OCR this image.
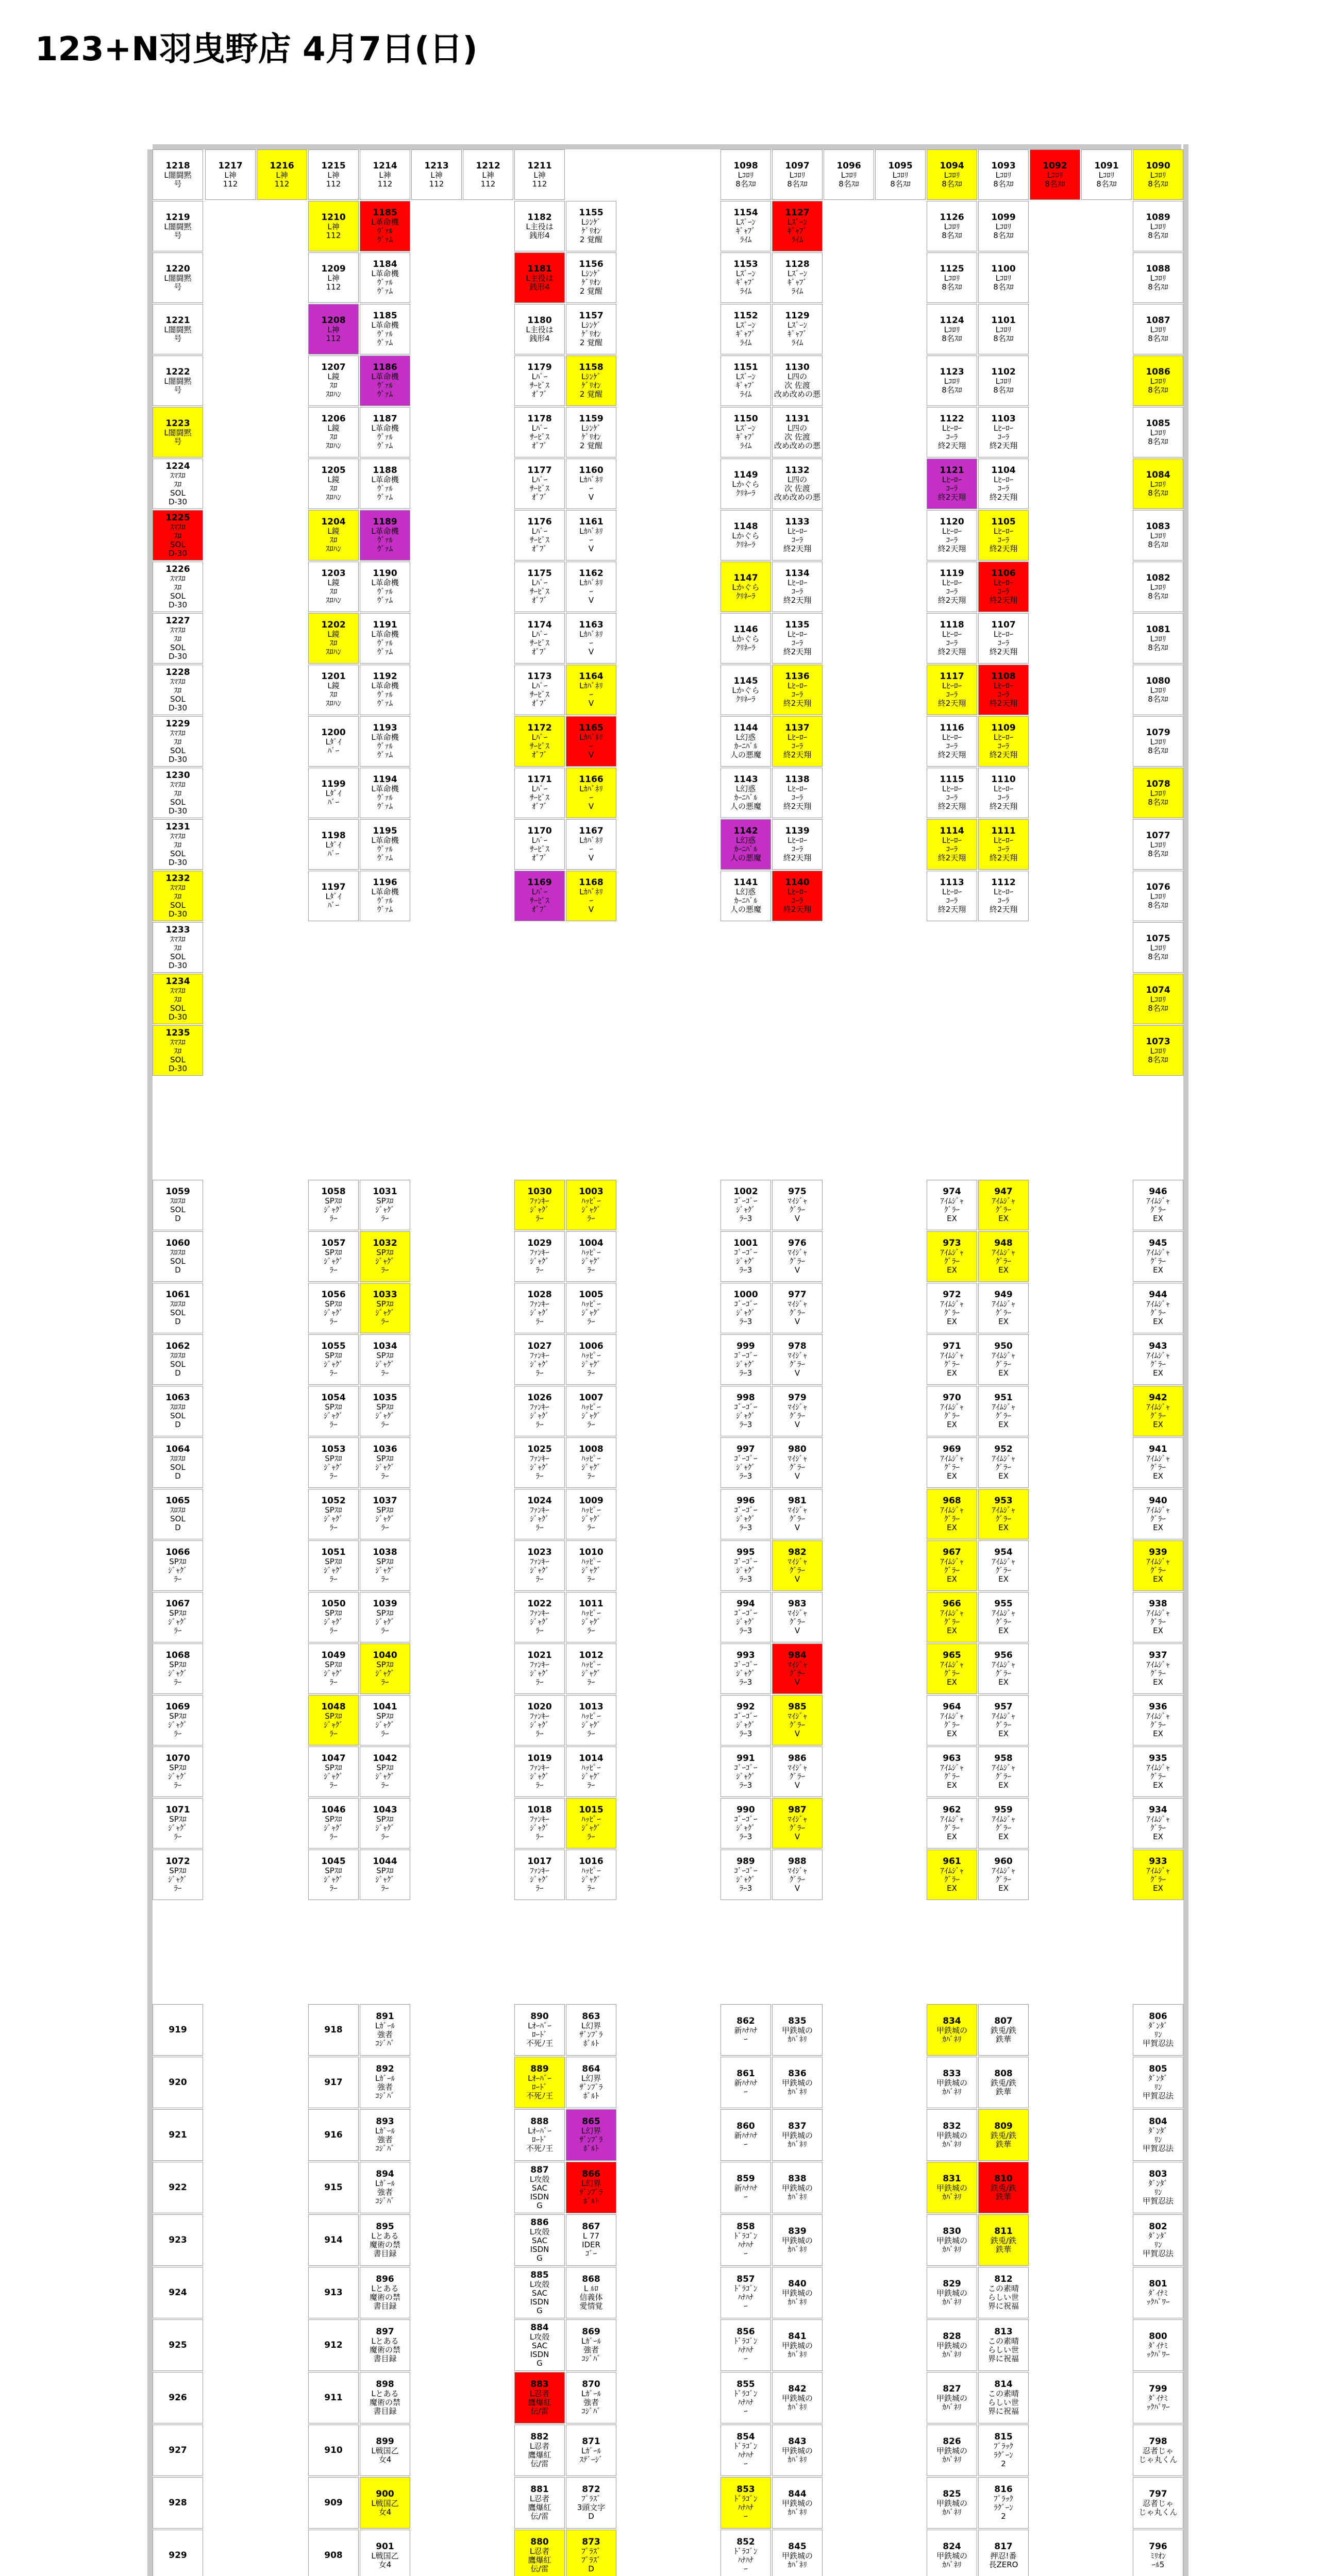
123+N羽曳野店 4月7日(日)
1218
L闇闘黙
号
1219
L闇闘黙
号
1220
L闇闘黙
号
1221
L闇闘黙
号
1222
L闇闘黙
号
1223
L闇闘黙
号
1224
ｽﾏｽﾛ
ｽﾛ
SOL
D-30
1225
ｽﾏｽﾛ
ｽﾛ
SOL
D-30
1226
ｽﾏｽﾛ
ｽﾛ
SOL
D-30
1227
ｽﾏｽﾛ
ｽﾛ
SOL
D-30
1228
ｽﾏｽﾛ
ｽﾛ
SOL
D-30
1229
ｽﾏｽﾛ
ｽﾛ
SOL
D-30
1230
ｽﾏｽﾛ
ｽﾛ
SOL
D-30
1231
ｽﾏｽﾛ
ｽﾛ
SOL
D-30
1232
ｽﾏｽﾛ
ｽﾛ
SOL
D-30
1233
ｽﾏｽﾛ
ｽﾛ
SOL
D-30
1234
ｽﾏｽﾛ
ｽﾛ
SOL
D-30
1235
ｽﾏｽﾛ
ｽﾛ
SOL
D-30
1217
L神
112
1216
L神
112
1215
L神
112
1210
L神
112
1209
L神
112
1208
L神
112
1207
L鏡
ｽﾛ
ｽﾛﾊﾝ
1206
L鏡
ｽﾛ
ｽﾛﾊﾝ
1205
L鏡
ｽﾛ
ｽﾛﾊﾝ
1204
L鏡
ｽﾛ
ｽﾛﾊﾝ
1203
L鏡
ｽﾛ
ｽﾛﾊﾝ
1202
L鏡
ｽﾛ
ｽﾛﾊﾝ
1201
L鏡
ｽﾛ
ｽﾛﾊﾝ
1200
Lﾀﾞｲ
ﾊﾞｰ
1199
Lﾀﾞｲ
ﾊﾞｰ
1198
Lﾀﾞｲ
ﾊﾞｰ
1197
Lﾀﾞｲ
ﾊﾞｰ
1214
L神
112
1185
L革命機
ｳﾞｧﾙ
ｳﾞｧﾑ
1184
L革命機
ｳﾞｧﾙ
ｳﾞｧﾑ
1185
L革命機
ｳﾞｧﾙ
ｳﾞｧﾑ
1186
L革命機
ｳﾞｧﾙ
ｳﾞｧﾑ
1187
L革命機
ｳﾞｧﾙ
ｳﾞｧﾑ
1188
L革命機
ｳﾞｧﾙ
ｳﾞｧﾑ
1189
L革命機
ｳﾞｧﾙ
ｳﾞｧﾑ
1190
L革命機
ｳﾞｧﾙ
ｳﾞｧﾑ
1191
L革命機
ｳﾞｧﾙ
ｳﾞｧﾑ
1192
L革命機
ｳﾞｧﾙ
ｳﾞｧﾑ
1193
L革命機
ｳﾞｧﾙ
ｳﾞｧﾑ
1194
L革命機
ｳﾞｧﾙ
ｳﾞｧﾑ
1195
L革命機
ｳﾞｧﾙ
ｳﾞｧﾑ
1196
L革命機
ｳﾞｧﾙ
ｳﾞｧﾑ
1213
L神
112
1212
L神
112
1211
L神
112
1182
L主役は
銭形4
1181
L主役は
銭形4
1180
L主役は
銭形4
1179
Lﾊﾞｰ
ｻｰﾋﾞｽ
ｵﾞﾌﾞ
1178
Lﾊﾞｰ
ｻｰﾋﾞｽ
ｵﾞﾌﾞ
1177
Lﾊﾞｰ
ｻｰﾋﾞｽ
ｵﾞﾌﾞ
1176
Lﾊﾞｰ
ｻｰﾋﾞｽ
ｵﾞﾌﾞ
1175
Lﾊﾞｰ
ｻｰﾋﾞｽ
ｵﾞﾌﾞ
1174
Lﾊﾞｰ
ｻｰﾋﾞｽ
ｵﾞﾌﾞ
1173
Lﾊﾞｰ
ｻｰﾋﾞｽ
ｵﾞﾌﾞ
1172
Lﾊﾞｰ
ｻｰﾋﾞｽ
ｵﾞﾌﾞ
1171
Lﾊﾞｰ
ｻｰﾋﾞｽ
ｵﾞﾌﾞ
1170
Lﾊﾞｰ
ｻｰﾋﾞｽ
ｵﾞﾌﾞ
1169
Lﾊﾞｰ
ｻｰﾋﾞｽ
ｵﾞﾌﾞ
1155
Lｼﾝｹﾞ
ｹﾞﾘｵﾝ
2 覚醒
1156
Lｼﾝｹﾞ
ｹﾞﾘｵﾝ
2 覚醒
1157
Lｼﾝｹﾞ
ｹﾞﾘｵﾝ
2 覚醒
1158
Lｼﾝｹﾞ
ｹﾞﾘｵﾝ
2 覚醒
1159
Lｼﾝｹﾞ
ｹﾞﾘｵﾝ
2 覚醒
1160
Lｶﾊﾞﾈﾘ
ｰ
V
1161
Lｶﾊﾞﾈﾘ
ｰ
V
1162
Lｶﾊﾞﾈﾘ
ｰ
V
1163
Lｶﾊﾞﾈﾘ
ｰ
V
1164
Lｶﾊﾞﾈﾘ
ｰ
V
1165
Lｶﾊﾞﾈﾘ
ｰ
V
1166
Lｶﾊﾞﾈﾘ
ｰ
V
1167
Lｶﾊﾞﾈﾘ
ｰ
V
1168
Lｶﾊﾞﾈﾘ
ｰ
V
1098
Lｺﾛﾘ
8名ｽﾛ
1154
Lｽﾞｰﾝ
ｷﾞｬﾌﾞ
ﾗｲﾑ
1153
Lｽﾞｰﾝ
ｷﾞｬﾌﾞ
ﾗｲﾑ
1152
Lｽﾞｰﾝ
ｷﾞｬﾌﾞ
ﾗｲﾑ
1151
Lｽﾞｰﾝ
ｷﾞｬﾌﾞ
ﾗｲﾑ
1150
Lｽﾞｰﾝ
ｷﾞｬﾌﾞ
ﾗｲﾑ
1149
Lかぐら
ｸﾘﾈｰﾗ
1148
Lかぐら
ｸﾘﾈｰﾗ
1147
Lかぐら
ｸﾘﾈｰﾗ
1146
Lかぐら
ｸﾘﾈｰﾗ
1145
Lかぐら
ｸﾘﾈｰﾗ
1144
L幻惑
ｶｰﾆﾊﾞﾙ
人の悪魔
1143
L幻惑
ｶｰﾆﾊﾞﾙ
人の悪魔
1142
L幻惑
ｶｰﾆﾊﾞﾙ
人の悪魔
1141
L幻惑
ｶｰﾆﾊﾞﾙ
人の悪魔
1097
Lｺﾛﾘ
8名ｽﾛ
1127
Lｽﾞｰﾝ
ｷﾞｬﾌﾞ
ﾗｲﾑ
1128
Lｽﾞｰﾝ
ｷﾞｬﾌﾞ
ﾗｲﾑ
1129
Lｽﾞｰﾝ
ｷﾞｬﾌﾞ
ﾗｲﾑ
1130
L四の
次 佐渡
改め改めの悪
1131
L四の
次 佐渡
改め改めの悪
1132
L四の
次 佐渡
改め改めの悪
1133
Lﾋｰﾛｰ
ｺｰﾗ
終2天翔
1134
Lﾋｰﾛｰ
ｺｰﾗ
終2天翔
1135
Lﾋｰﾛｰ
ｺｰﾗ
終2天翔
1136
Lﾋｰﾛｰ
ｺｰﾗ
終2天翔
1137
Lﾋｰﾛｰ
ｺｰﾗ
終2天翔
1138
Lﾋｰﾛｰ
ｺｰﾗ
終2天翔
1139
Lﾋｰﾛｰ
ｺｰﾗ
終2天翔
1140
Lﾋｰﾛｰ
ｺｰﾗ
終2天翔
1096
Lｺﾛﾘ
8名ｽﾛ
1095
Lｺﾛﾘ
8名ｽﾛ
1094
Lｺﾛﾘ
8名ｽﾛ
1126
Lｺﾛﾘ
8名ｽﾛ
1125
Lｺﾛﾘ
8名ｽﾛ
1124
Lｺﾛﾘ
8名ｽﾛ
1123
Lｺﾛﾘ
8名ｽﾛ
1122
Lﾋｰﾛｰ
ｺｰﾗ
終2天翔
1121
Lﾋｰﾛｰ
ｺｰﾗ
終2天翔
1120
Lﾋｰﾛｰ
ｺｰﾗ
終2天翔
1119
Lﾋｰﾛｰ
ｺｰﾗ
終2天翔
1118
Lﾋｰﾛｰ
ｺｰﾗ
終2天翔
1117
Lﾋｰﾛｰ
ｺｰﾗ
終2天翔
1116
Lﾋｰﾛｰ
ｺｰﾗ
終2天翔
1115
Lﾋｰﾛｰ
ｺｰﾗ
終2天翔
1114
Lﾋｰﾛｰ
ｺｰﾗ
終2天翔
1113
Lﾋｰﾛｰ
ｺｰﾗ
終2天翔
1093
Lｺﾛﾘ
8名ｽﾛ
1099
Lｺﾛﾘ
8名ｽﾛ
1100
Lｺﾛﾘ
8名ｽﾛ
1101
Lｺﾛﾘ
8名ｽﾛ
1102
Lｺﾛﾘ
8名ｽﾛ
1103
Lﾋｰﾛｰ
ｺｰﾗ
終2天翔
1104
Lﾋｰﾛｰ
ｺｰﾗ
終2天翔
1105
Lﾋｰﾛｰ
ｺｰﾗ
終2天翔
1106
Lﾋｰﾛｰ
ｺｰﾗ
終2天翔
1107
Lﾋｰﾛｰ
ｺｰﾗ
終2天翔
1108
Lﾋｰﾛｰ
ｺｰﾗ
終2天翔
1109
Lﾋｰﾛｰ
ｺｰﾗ
終2天翔
1110
Lﾋｰﾛｰ
ｺｰﾗ
終2天翔
1111
Lﾋｰﾛｰ
ｺｰﾗ
終2天翔
1112
Lﾋｰﾛｰ
ｺｰﾗ
終2天翔
1092
Lｺﾛﾘ
8名ｽﾛ
1091
Lｺﾛﾘ
8名ｽﾛ
1090
Lｺﾛﾘ
8名ｽﾛ
1089
Lｺﾛﾘ
8名ｽﾛ
1088
Lｺﾛﾘ
8名ｽﾛ
1087
Lｺﾛﾘ
8名ｽﾛ
1086
Lｺﾛﾘ
8名ｽﾛ
1085
Lｺﾛﾘ
8名ｽﾛ
1084
Lｺﾛﾘ
8名ｽﾛ
1083
Lｺﾛﾘ
8名ｽﾛ
1082
Lｺﾛﾘ
8名ｽﾛ
1081
Lｺﾛﾘ
8名ｽﾛ
1080
Lｺﾛﾘ
8名ｽﾛ
1079
Lｺﾛﾘ
8名ｽﾛ
1078
Lｺﾛﾘ
8名ｽﾛ
1077
Lｺﾛﾘ
8名ｽﾛ
1076
Lｺﾛﾘ
8名ｽﾛ
1075
Lｺﾛﾘ
8名ｽﾛ
1074
Lｺﾛﾘ
8名ｽﾛ
1073
Lｺﾛﾘ
8名ｽﾛ
1059
ｽﾛｽﾛ
SOL
D
1060
ｽﾛｽﾛ
SOL
D
1061
ｽﾛｽﾛ
SOL
D
1062
ｽﾛｽﾛ
SOL
D
1063
ｽﾛｽﾛ
SOL
D
1064
ｽﾛｽﾛ
SOL
D
1065
ｽﾛｽﾛ
SOL
D
1066
SPｽﾛ
ｼﾞｬｸﾞ
ﾗｰ
1067
SPｽﾛ
ｼﾞｬｸﾞ
ﾗｰ
1068
SPｽﾛ
ｼﾞｬｸﾞ
ﾗｰ
1069
SPｽﾛ
ｼﾞｬｸﾞ
ﾗｰ
1070
SPｽﾛ
ｼﾞｬｸﾞ
ﾗｰ
1071
SPｽﾛ
ｼﾞｬｸﾞ
ﾗｰ
1072
SPｽﾛ
ｼﾞｬｸﾞ
ﾗｰ
1058
SPｽﾛ
ｼﾞｬｸﾞ
ﾗｰ
1057
SPｽﾛ
ｼﾞｬｸﾞ
ﾗｰ
1056
SPｽﾛ
ｼﾞｬｸﾞ
ﾗｰ
1055
SPｽﾛ
ｼﾞｬｸﾞ
ﾗｰ
1054
SPｽﾛ
ｼﾞｬｸﾞ
ﾗｰ
1053
SPｽﾛ
ｼﾞｬｸﾞ
ﾗｰ
1052
SPｽﾛ
ｼﾞｬｸﾞ
ﾗｰ
1051
SPｽﾛ
ｼﾞｬｸﾞ
ﾗｰ
1050
SPｽﾛ
ｼﾞｬｸﾞ
ﾗｰ
1049
SPｽﾛ
ｼﾞｬｸﾞ
ﾗｰ
1048
SPｽﾛ
ｼﾞｬｸﾞ
ﾗｰ
1047
SPｽﾛ
ｼﾞｬｸﾞ
ﾗｰ
1046
SPｽﾛ
ｼﾞｬｸﾞ
ﾗｰ
1045
SPｽﾛ
ｼﾞｬｸﾞ
ﾗｰ
1031
SPｽﾛ
ｼﾞｬｸﾞ
ﾗｰ
1032
SPｽﾛ
ｼﾞｬｸﾞ
ﾗｰ
1033
SPｽﾛ
ｼﾞｬｸﾞ
ﾗｰ
1034
SPｽﾛ
ｼﾞｬｸﾞ
ﾗｰ
1035
SPｽﾛ
ｼﾞｬｸﾞ
ﾗｰ
1036
SPｽﾛ
ｼﾞｬｸﾞ
ﾗｰ
1037
SPｽﾛ
ｼﾞｬｸﾞ
ﾗｰ
1038
SPｽﾛ
ｼﾞｬｸﾞ
ﾗｰ
1039
SPｽﾛ
ｼﾞｬｸﾞ
ﾗｰ
1040
SPｽﾛ
ｼﾞｬｸﾞ
ﾗｰ
1041
SPｽﾛ
ｼﾞｬｸﾞ
ﾗｰ
1042
SPｽﾛ
ｼﾞｬｸﾞ
ﾗｰ
1043
SPｽﾛ
ｼﾞｬｸﾞ
ﾗｰ
1044
SPｽﾛ
ｼﾞｬｸﾞ
ﾗｰ
1030
ﾌｧﾝｷｰ
ｼﾞｬｸﾞ
ﾗｰ
1029
ﾌｧﾝｷｰ
ｼﾞｬｸﾞ
ﾗｰ
1028
ﾌｧﾝｷｰ
ｼﾞｬｸﾞ
ﾗｰ
1027
ﾌｧﾝｷｰ
ｼﾞｬｸﾞ
ﾗｰ
1026
ﾌｧﾝｷｰ
ｼﾞｬｸﾞ
ﾗｰ
1025
ﾌｧﾝｷｰ
ｼﾞｬｸﾞ
ﾗｰ
1024
ﾌｧﾝｷｰ
ｼﾞｬｸﾞ
ﾗｰ
1023
ﾌｧﾝｷｰ
ｼﾞｬｸﾞ
ﾗｰ
1022
ﾌｧﾝｷｰ
ｼﾞｬｸﾞ
ﾗｰ
1021
ﾌｧﾝｷｰ
ｼﾞｬｸﾞ
ﾗｰ
1020
ﾌｧﾝｷｰ
ｼﾞｬｸﾞ
ﾗｰ
1019
ﾌｧﾝｷｰ
ｼﾞｬｸﾞ
ﾗｰ
1018
ﾌｧﾝｷｰ
ｼﾞｬｸﾞ
ﾗｰ
1017
ﾌｧﾝｷｰ
ｼﾞｬｸﾞ
ﾗｰ
1003
ﾊｯﾋﾟｰ
ｼﾞｬｸﾞ
ﾗｰ
1004
ﾊｯﾋﾟｰ
ｼﾞｬｸﾞ
ﾗｰ
1005
ﾊｯﾋﾟｰ
ｼﾞｬｸﾞ
ﾗｰ
1006
ﾊｯﾋﾟｰ
ｼﾞｬｸﾞ
ﾗｰ
1007
ﾊｯﾋﾟｰ
ｼﾞｬｸﾞ
ﾗｰ
1008
ﾊｯﾋﾟｰ
ｼﾞｬｸﾞ
ﾗｰ
1009
ﾊｯﾋﾟｰ
ｼﾞｬｸﾞ
ﾗｰ
1010
ﾊｯﾋﾟｰ
ｼﾞｬｸﾞ
ﾗｰ
1011
ﾊｯﾋﾟｰ
ｼﾞｬｸﾞ
ﾗｰ
1012
ﾊｯﾋﾟｰ
ｼﾞｬｸﾞ
ﾗｰ
1013
ﾊｯﾋﾟｰ
ｼﾞｬｸﾞ
ﾗｰ
1014
ﾊｯﾋﾟｰ
ｼﾞｬｸﾞ
ﾗｰ
1015
ﾊｯﾋﾟｰ
ｼﾞｬｸﾞ
ﾗｰ
1016
ﾊｯﾋﾟｰ
ｼﾞｬｸﾞ
ﾗｰ
1002
ｺﾞｰｺﾞｰ
ｼﾞｬｸﾞ
ﾗｰ3
1001
ｺﾞｰｺﾞｰ
ｼﾞｬｸﾞ
ﾗｰ3
1000
ｺﾞｰｺﾞｰ
ｼﾞｬｸﾞ
ﾗｰ3
999
ｺﾞｰｺﾞｰ
ｼﾞｬｸﾞ
ﾗｰ3
998
ｺﾞｰｺﾞｰ
ｼﾞｬｸﾞ
ﾗｰ3
997
ｺﾞｰｺﾞｰ
ｼﾞｬｸﾞ
ﾗｰ3
996
ｺﾞｰｺﾞｰ
ｼﾞｬｸﾞ
ﾗｰ3
995
ｺﾞｰｺﾞｰ
ｼﾞｬｸﾞ
ﾗｰ3
994
ｺﾞｰｺﾞｰ
ｼﾞｬｸﾞ
ﾗｰ3
993
ｺﾞｰｺﾞｰ
ｼﾞｬｸﾞ
ﾗｰ3
992
ｺﾞｰｺﾞｰ
ｼﾞｬｸﾞ
ﾗｰ3
991
ｺﾞｰｺﾞｰ
ｼﾞｬｸﾞ
ﾗｰ3
990
ｺﾞｰｺﾞｰ
ｼﾞｬｸﾞ
ﾗｰ3
989
ｺﾞｰｺﾞｰ
ｼﾞｬｸﾞ
ﾗｰ3
975
ﾏｲｼﾞｬ
ｸﾞﾗｰ
V
976
ﾏｲｼﾞｬ
ｸﾞﾗｰ
V
977
ﾏｲｼﾞｬ
ｸﾞﾗｰ
V
978
ﾏｲｼﾞｬ
ｸﾞﾗｰ
V
979
ﾏｲｼﾞｬ
ｸﾞﾗｰ
V
980
ﾏｲｼﾞｬ
ｸﾞﾗｰ
V
981
ﾏｲｼﾞｬ
ｸﾞﾗｰ
V
982
ﾏｲｼﾞｬ
ｸﾞﾗｰ
V
983
ﾏｲｼﾞｬ
ｸﾞﾗｰ
V
984
ﾏｲｼﾞｬ
ｸﾞﾗｰ
V
985
ﾏｲｼﾞｬ
ｸﾞﾗｰ
V
986
ﾏｲｼﾞｬ
ｸﾞﾗｰ
V
987
ﾏｲｼﾞｬ
ｸﾞﾗｰ
V
988
ﾏｲｼﾞｬ
ｸﾞﾗｰ
V
974
ｱｲﾑｼﾞｬ
ｸﾞﾗｰ
EX
973
ｱｲﾑｼﾞｬ
ｸﾞﾗｰ
EX
972
ｱｲﾑｼﾞｬ
ｸﾞﾗｰ
EX
971
ｱｲﾑｼﾞｬ
ｸﾞﾗｰ
EX
970
ｱｲﾑｼﾞｬ
ｸﾞﾗｰ
EX
969
ｱｲﾑｼﾞｬ
ｸﾞﾗｰ
EX
968
ｱｲﾑｼﾞｬ
ｸﾞﾗｰ
EX
967
ｱｲﾑｼﾞｬ
ｸﾞﾗｰ
EX
966
ｱｲﾑｼﾞｬ
ｸﾞﾗｰ
EX
965
ｱｲﾑｼﾞｬ
ｸﾞﾗｰ
EX
964
ｱｲﾑｼﾞｬ
ｸﾞﾗｰ
EX
963
ｱｲﾑｼﾞｬ
ｸﾞﾗｰ
EX
962
ｱｲﾑｼﾞｬ
ｸﾞﾗｰ
EX
961
ｱｲﾑｼﾞｬ
ｸﾞﾗｰ
EX
947
ｱｲﾑｼﾞｬ
ｸﾞﾗｰ
EX
948
ｱｲﾑｼﾞｬ
ｸﾞﾗｰ
EX
949
ｱｲﾑｼﾞｬ
ｸﾞﾗｰ
EX
950
ｱｲﾑｼﾞｬ
ｸﾞﾗｰ
EX
951
ｱｲﾑｼﾞｬ
ｸﾞﾗｰ
EX
952
ｱｲﾑｼﾞｬ
ｸﾞﾗｰ
EX
953
ｱｲﾑｼﾞｬ
ｸﾞﾗｰ
EX
954
ｱｲﾑｼﾞｬ
ｸﾞﾗｰ
EX
955
ｱｲﾑｼﾞｬ
ｸﾞﾗｰ
EX
956
ｱｲﾑｼﾞｬ
ｸﾞﾗｰ
EX
957
ｱｲﾑｼﾞｬ
ｸﾞﾗｰ
EX
958
ｱｲﾑｼﾞｬ
ｸﾞﾗｰ
EX
959
ｱｲﾑｼﾞｬ
ｸﾞﾗｰ
EX
960
ｱｲﾑｼﾞｬ
ｸﾞﾗｰ
EX
946
ｱｲﾑｼﾞｬ
ｸﾞﾗｰ
EX
945
ｱｲﾑｼﾞｬ
ｸﾞﾗｰ
EX
944
ｱｲﾑｼﾞｬ
ｸﾞﾗｰ
EX
943
ｱｲﾑｼﾞｬ
ｸﾞﾗｰ
EX
942
ｱｲﾑｼﾞｬ
ｸﾞﾗｰ
EX
941
ｱｲﾑｼﾞｬ
ｸﾞﾗｰ
EX
940
ｱｲﾑｼﾞｬ
ｸﾞﾗｰ
EX
939
ｱｲﾑｼﾞｬ
ｸﾞﾗｰ
EX
938
ｱｲﾑｼﾞｬ
ｸﾞﾗｰ
EX
937
ｱｲﾑｼﾞｬ
ｸﾞﾗｰ
EX
936
ｱｲﾑｼﾞｬ
ｸﾞﾗｰ
EX
935
ｱｲﾑｼﾞｬ
ｸﾞﾗｰ
EX
934
ｱｲﾑｼﾞｬ
ｸﾞﾗｰ
EX
933
ｱｲﾑｼﾞｬ
ｸﾞﾗｰ
EX
919
920
921
922
923
924
925
926
927
928
929
918
917
916
915
914
913
912
911
910
909
908
891
Lｶﾞｰﾙ
強者
ｺｼﾞﾊﾞ
892
Lｶﾞｰﾙ
強者
ｺｼﾞﾊﾞ
893
Lｶﾞｰﾙ
強者
ｺｼﾞﾊﾞ
894
Lｶﾞｰﾙ
強者
ｺｼﾞﾊﾞ
895
Lとある
魔術の禁
書目録
896
Lとある
魔術の禁
書目録
897
Lとある
魔術の禁
書目録
898
Lとある
魔術の禁
書目録
899
L戦国乙
女4
900
L戦国乙
女4
901
L戦国乙
女4
890
Lｵｰﾊﾞｰ
ﾛｰﾄﾞ
不死ﾉ王
889
Lｵｰﾊﾞｰ
ﾛｰﾄﾞ
不死ﾉ王
888
Lｵｰﾊﾞｰ
ﾛｰﾄﾞ
不死ﾉ王
887
L攻殻
SAC
ISDN
G
886
L攻殻
SAC
ISDN
G
885
L攻殻
SAC
ISDN
G
884
L攻殻
SAC
ISDN
G
883
L忍者
鷹爆紅
伝/雷
882
L忍者
鷹爆紅
伝/雷
881
L忍者
鷹爆紅
伝/雷
880
L忍者
鷹爆紅
伝/雷
863
L幻界
ｻﾞﾝﾌﾞﾗ
ﾎﾞﾙﾄ
864
L幻界
ｻﾞﾝﾌﾞﾗ
ﾎﾞﾙﾄ
865
L幻界
ｻﾞﾝﾌﾞﾗ
ﾎﾞﾙﾄ
866
L幻界
ｻﾞﾝﾌﾞﾗ
ﾎﾞﾙﾄ
867
L 77
IDER
ｺﾞｰ
868
L ﾙﾛ
信義体
愛情覚
869
Lｶﾞｰﾙ
強者
ｺｼﾞﾊﾞ
870
Lｶﾞｰﾙ
強者
ｺｼﾞﾊﾞ
871
Lｶﾞｰﾙ
ｽﾃﾞｰｼﾞ
872
ﾌﾟﾗｽﾞ
3頭文字
D
873
ﾌﾟﾗｽﾞ
ﾌﾟﾗｽﾞ
D
862
新ﾊﾅﾊﾅ
ｰ
861
新ﾊﾅﾊﾅ
ｰ
860
新ﾊﾅﾊﾅ
ｰ
859
新ﾊﾅﾊﾅ
ｰ
858
ﾄﾞﾗｺﾞﾝ
ﾊﾅﾊﾅ
ｰ
857
ﾄﾞﾗｺﾞﾝ
ﾊﾅﾊﾅ
ｰ
856
ﾄﾞﾗｺﾞﾝ
ﾊﾅﾊﾅ
ｰ
855
ﾄﾞﾗｺﾞﾝ
ﾊﾅﾊﾅ
ｰ
854
ﾄﾞﾗｺﾞﾝ
ﾊﾅﾊﾅ
ｰ
853
ﾄﾞﾗｺﾞﾝ
ﾊﾅﾊﾅ
ｰ
852
ﾄﾞﾗｺﾞﾝ
ﾊﾅﾊﾅ
ｰ
835
甲鉄城の
ｶﾊﾞﾈﾘ
836
甲鉄城の
ｶﾊﾞﾈﾘ
837
甲鉄城の
ｶﾊﾞﾈﾘ
838
甲鉄城の
ｶﾊﾞﾈﾘ
839
甲鉄城の
ｶﾊﾞﾈﾘ
840
甲鉄城の
ｶﾊﾞﾈﾘ
841
甲鉄城の
ｶﾊﾞﾈﾘ
842
甲鉄城の
ｶﾊﾞﾈﾘ
843
甲鉄城の
ｶﾊﾞﾈﾘ
844
甲鉄城の
ｶﾊﾞﾈﾘ
845
甲鉄城の
ｶﾊﾞﾈﾘ
834
甲鉄城の
ｶﾊﾞﾈﾘ
833
甲鉄城の
ｶﾊﾞﾈﾘ
832
甲鉄城の
ｶﾊﾞﾈﾘ
831
甲鉄城の
ｶﾊﾞﾈﾘ
830
甲鉄城の
ｶﾊﾞﾈﾘ
829
甲鉄城の
ｶﾊﾞﾈﾘ
828
甲鉄城の
ｶﾊﾞﾈﾘ
827
甲鉄城の
ｶﾊﾞﾈﾘ
826
甲鉄城の
ｶﾊﾞﾈﾘ
825
甲鉄城の
ｶﾊﾞﾈﾘ
824
甲鉄城の
ｶﾊﾞﾈﾘ
807
鉄兎/鉄
鉄華
808
鉄兎/鉄
鉄華
809
鉄兎/鉄
鉄華
810
鉄兎/鉄
鉄華
811
鉄兎/鉄
鉄華
812
この素晴
らしい世
界に祝福
813
この素晴
らしい世
界に祝福
814
この素晴
らしい世
界に祝福
815
ﾌﾞﾗｯｸ
ﾗｸﾞｰﾝ
2
816
ﾌﾞﾗｯｸ
ﾗｸﾞｰﾝ
2
817
押忍!番
長ZERO
806
ﾀﾞﾝﾀﾞ
ﾘﾝ
甲賀忍法
805
ﾀﾞﾝﾀﾞ
ﾘﾝ
甲賀忍法
804
ﾀﾞﾝﾀﾞ
ﾘﾝ
甲賀忍法
803
ﾀﾞﾝﾀﾞ
ﾘﾝ
甲賀忍法
802
ﾀﾞﾝﾀﾞ
ﾘﾝ
甲賀忍法
801
ﾀﾞｲﾅﾐ
ｯｸﾊﾟﾜｰ
800
ﾀﾞｲﾅﾐ
ｯｸﾊﾟﾜｰ
799
ﾀﾞｲﾅﾐ
ｯｸﾊﾟﾜｰ
798
忍者じゃ
じゃ丸くん
797
忍者じゃ
じゃ丸くん
796
ﾐﾘｵﾝ
ｰﾙ5
